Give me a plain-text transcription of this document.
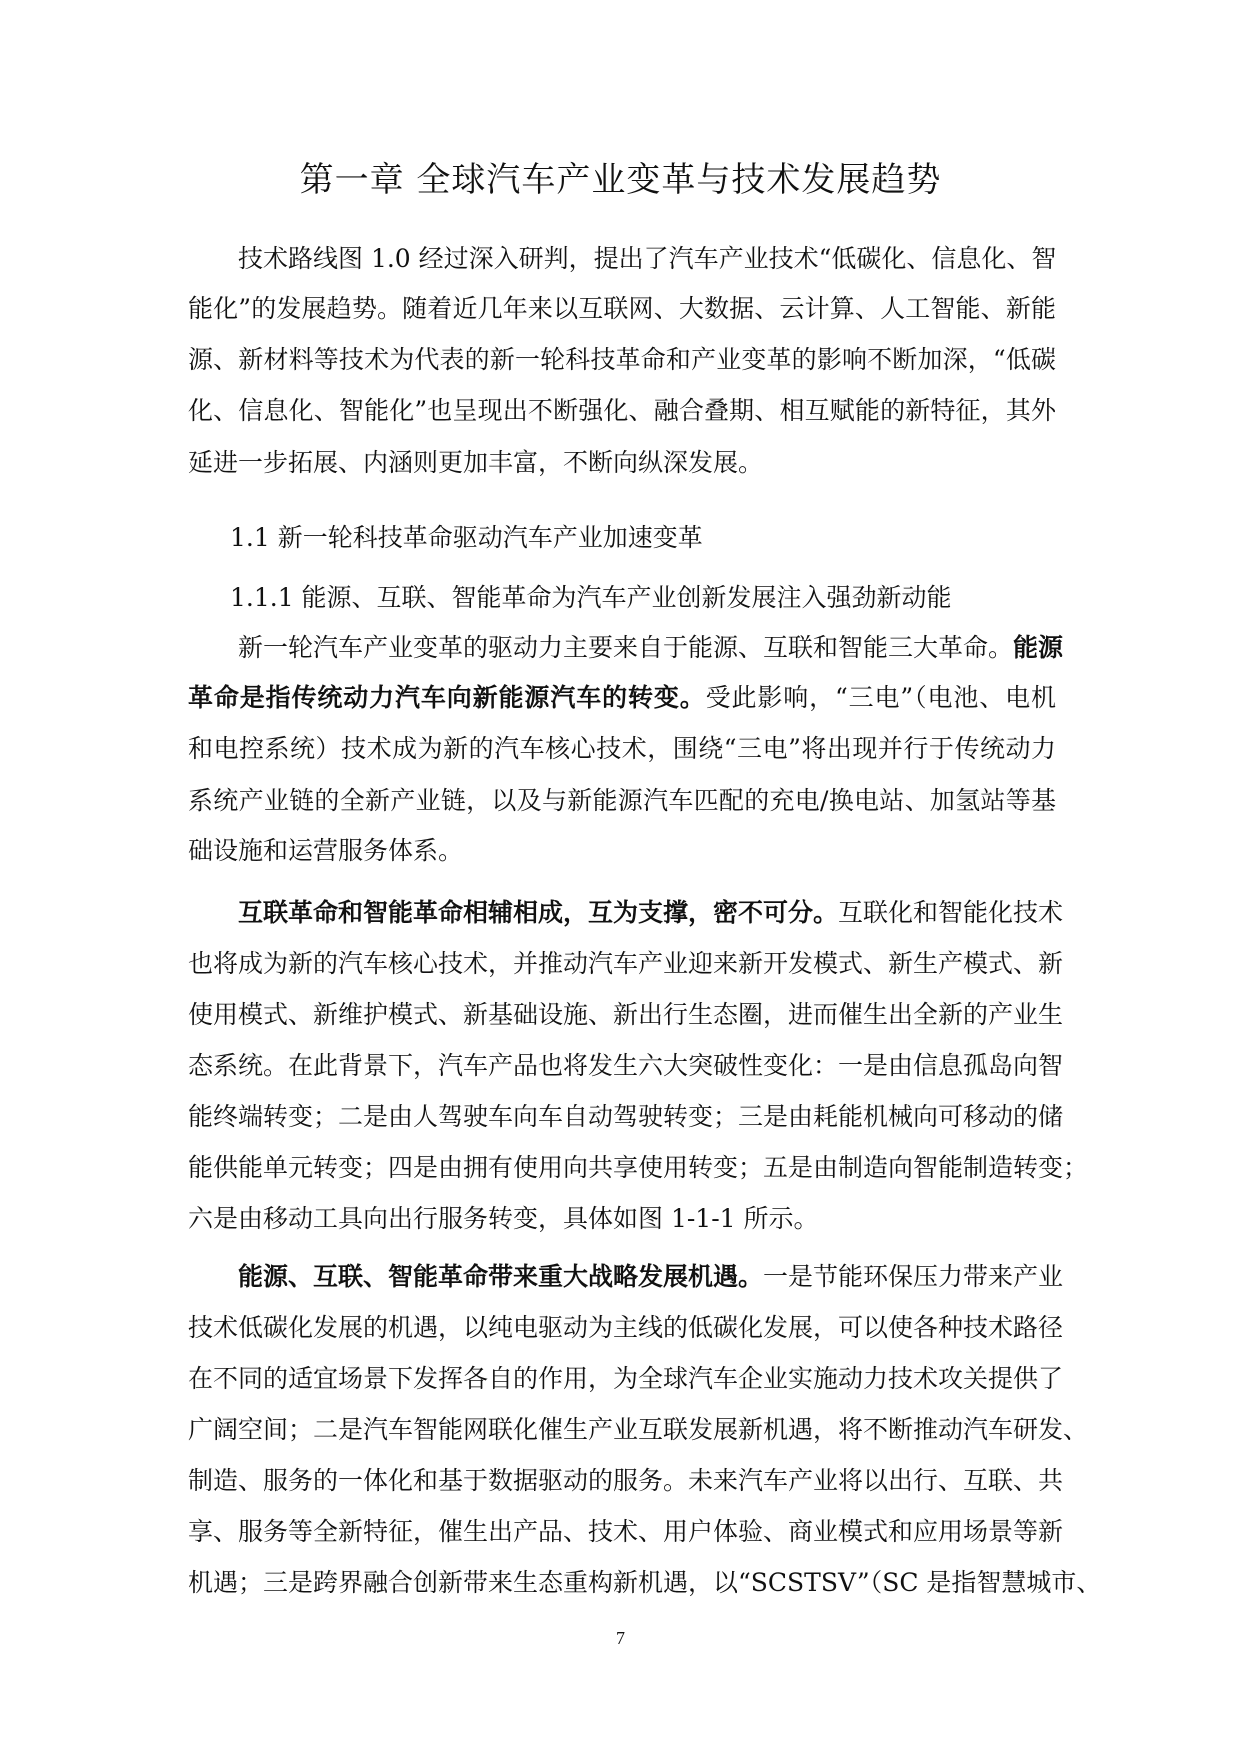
第一章 全球汽车产业变革与技术发展趋势
技术路线图 1.0 经过深入研判，提出了汽车产业技术“低碳化、信息化、智
能化”的发展趋势。随着近几年来以互联网、大数据、云计算、人工智能、新能
源、新材料等技术为代表的新一轮科技革命和产业变革的影响不断加深，“低碳
化、信息化、智能化”也呈现出不断强化、融合叠期、相互赋能的新特征，其外
延进一步拓展、内涵则更加丰富，不断向纵深发展。
1.1 新一轮科技革命驱动汽车产业加速变革
1.1.1 能源、互联、智能革命为汽车产业创新发展注入强劲新动能
新一轮汽车产业变革的驱动力主要来自于能源、互联和智能三大革命。能源
革命是指传统动力汽车向新能源汽车的转变。受此影响，“三电”（电池、电机
和电控系统）技术成为新的汽车核心技术，围绕“三电”将出现并行于传统动力
系统产业链的全新产业链，以及与新能源汽车匹配的充电/换电站、加氢站等基
础设施和运营服务体系。
互联革命和智能革命相辅相成，互为支撑，密不可分。互联化和智能化技术
也将成为新的汽车核心技术，并推动汽车产业迎来新开发模式、新生产模式、新
使用模式、新维护模式、新基础设施、新出行生态圈，进而催生出全新的产业生
态系统。在此背景下，汽车产品也将发生六大突破性变化：一是由信息孤岛向智
能终端转变；二是由人驾驶车向车自动驾驶转变；三是由耗能机械向可移动的储
能供能单元转变；四是由拥有使用向共享使用转变；五是由制造向智能制造转变；
六是由移动工具向出行服务转变，具体如图 1-1-1 所示。
能源、互联、智能革命带来重大战略发展机遇。一是节能环保压力带来产业
技术低碳化发展的机遇，以纯电驱动为主线的低碳化发展，可以使各种技术路径
在不同的适宜场景下发挥各自的作用，为全球汽车企业实施动力技术攻关提供了
广阔空间；二是汽车智能网联化催生产业互联发展新机遇，将不断推动汽车研发、
制造、服务的一体化和基于数据驱动的服务。未来汽车产业将以出行、互联、共
享、服务等全新特征，催生出产品、技术、用户体验、商业模式和应用场景等新
机遇；三是跨界融合创新带来生态重构新机遇，以“SCSTSV”（SC 是指智慧城市、
7
